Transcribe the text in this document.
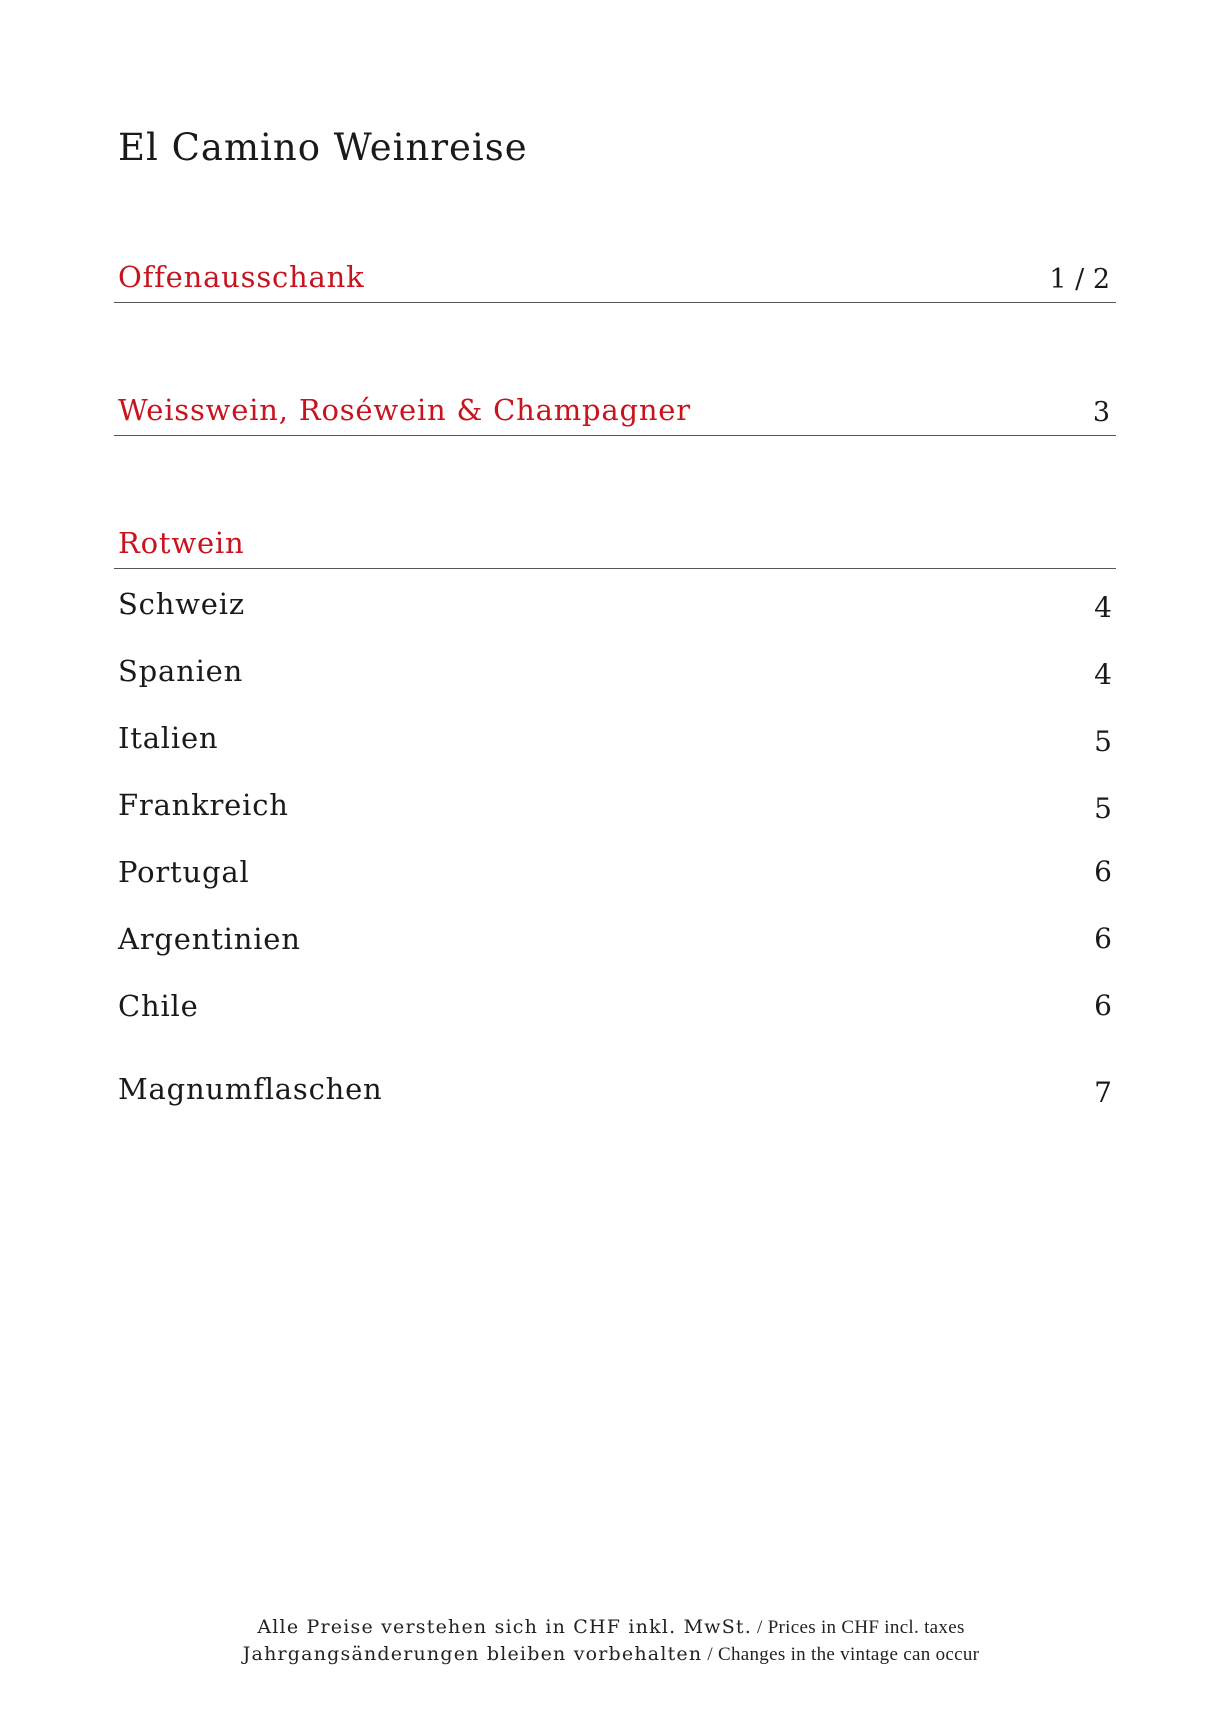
El Camino Weinreise
Offenausschank	1 / 2
Weisswein, Roséwein & Champagner	3
Rotwein
Schweiz	4
Spanien	4
Italien	5
Frankreich	5
Portugal	6
Argentinien	6
Chile	6
Magnumflaschen	7
Alle Preise verstehen sich in CHF inkl. MwSt. / Prices in CHF incl. taxes
Jahrgangsänderungen bleiben vorbehalten / Changes in the vintage can occur
